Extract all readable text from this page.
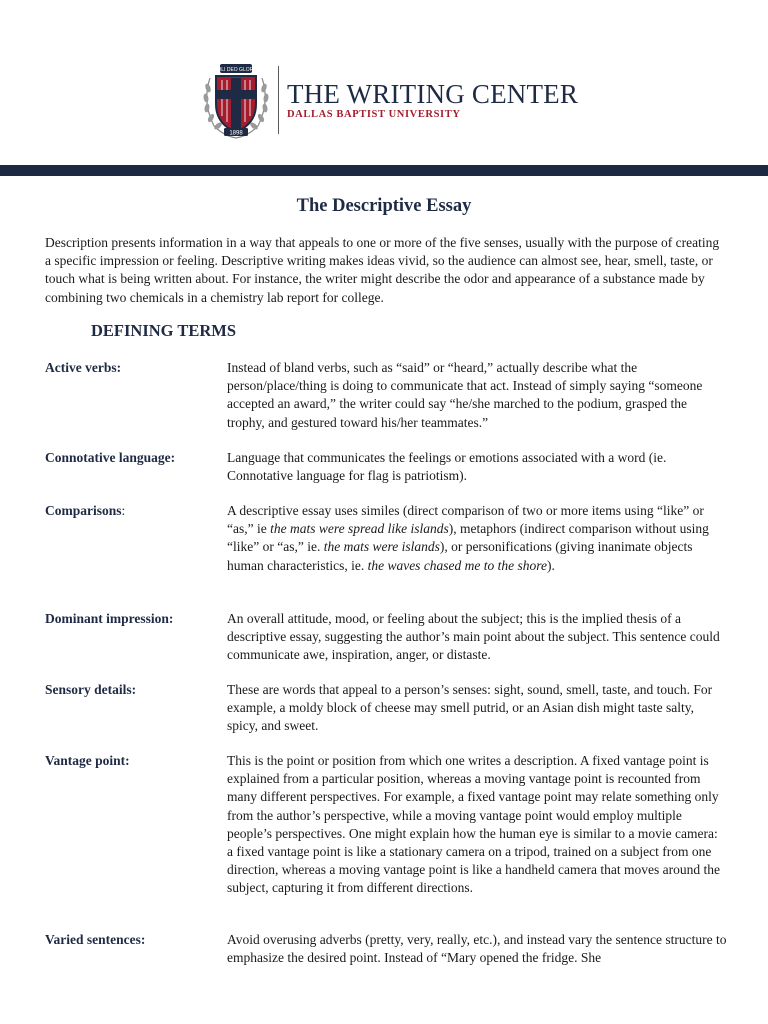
SOLI DEO GLORIA
1898
THE WRITING CENTER
DALLAS BAPTIST UNIVERSITY
The Descriptive Essay
Description presents information in a way that appeals to one or more of the five senses, usually with the purpose of creating a specific impression or feeling. Descriptive writing makes ideas vivid, so the audience can almost see, hear, smell, taste, or touch what is being written about. For instance, the writer might describe the odor and appearance of a substance made by combining two chemicals in a chemistry lab report for college.
DEFINING TERMS
Active verbs:	Instead of bland verbs, such as “said” or “heard,” actually describe what the person/place/thing is doing to communicate that act. Instead of simply saying “someone accepted an award,” the writer could say “he/she marched to the podium, grasped the trophy, and gestured toward his/her teammates.”
Connotative language:	Language that communicates the feelings or emotions associated with a word (ie. Connotative language for flag is patriotism).
Comparisons:	A descriptive essay uses similes (direct comparison of two or more items using “like” or “as,” ie the mats were spread like islands), metaphors (indirect comparison without using “like” or “as,” ie. the mats were islands), or personifications (giving inanimate objects human characteristics, ie. the waves chased me to the shore).
Dominant impression:	An overall attitude, mood, or feeling about the subject; this is the implied thesis of a descriptive essay, suggesting the author’s main point about the subject. This sentence could communicate awe, inspiration, anger, or distaste.
Sensory details:	These are words that appeal to a person’s senses: sight, sound, smell, taste, and touch. For example, a moldy block of cheese may smell putrid, or an Asian dish might taste salty, spicy, and sweet.
Vantage point:	This is the point or position from which one writes a description. A fixed vantage point is explained from a particular position, whereas a moving vantage point is recounted from many different perspectives. For example, a fixed vantage point may relate something only from the author’s perspective, while a moving vantage point would employ multiple people’s perspectives. One might explain how the human eye is similar to a movie camera: a fixed vantage point is like a stationary camera on a tripod, trained on a subject from one direction, whereas a moving vantage point is like a handheld camera that moves around the subject, capturing it from different directions.
Varied sentences:	Avoid overusing adverbs (pretty, very, really, etc.), and instead vary the sentence structure to emphasize the desired point. Instead of “Mary opened the fridge. She
